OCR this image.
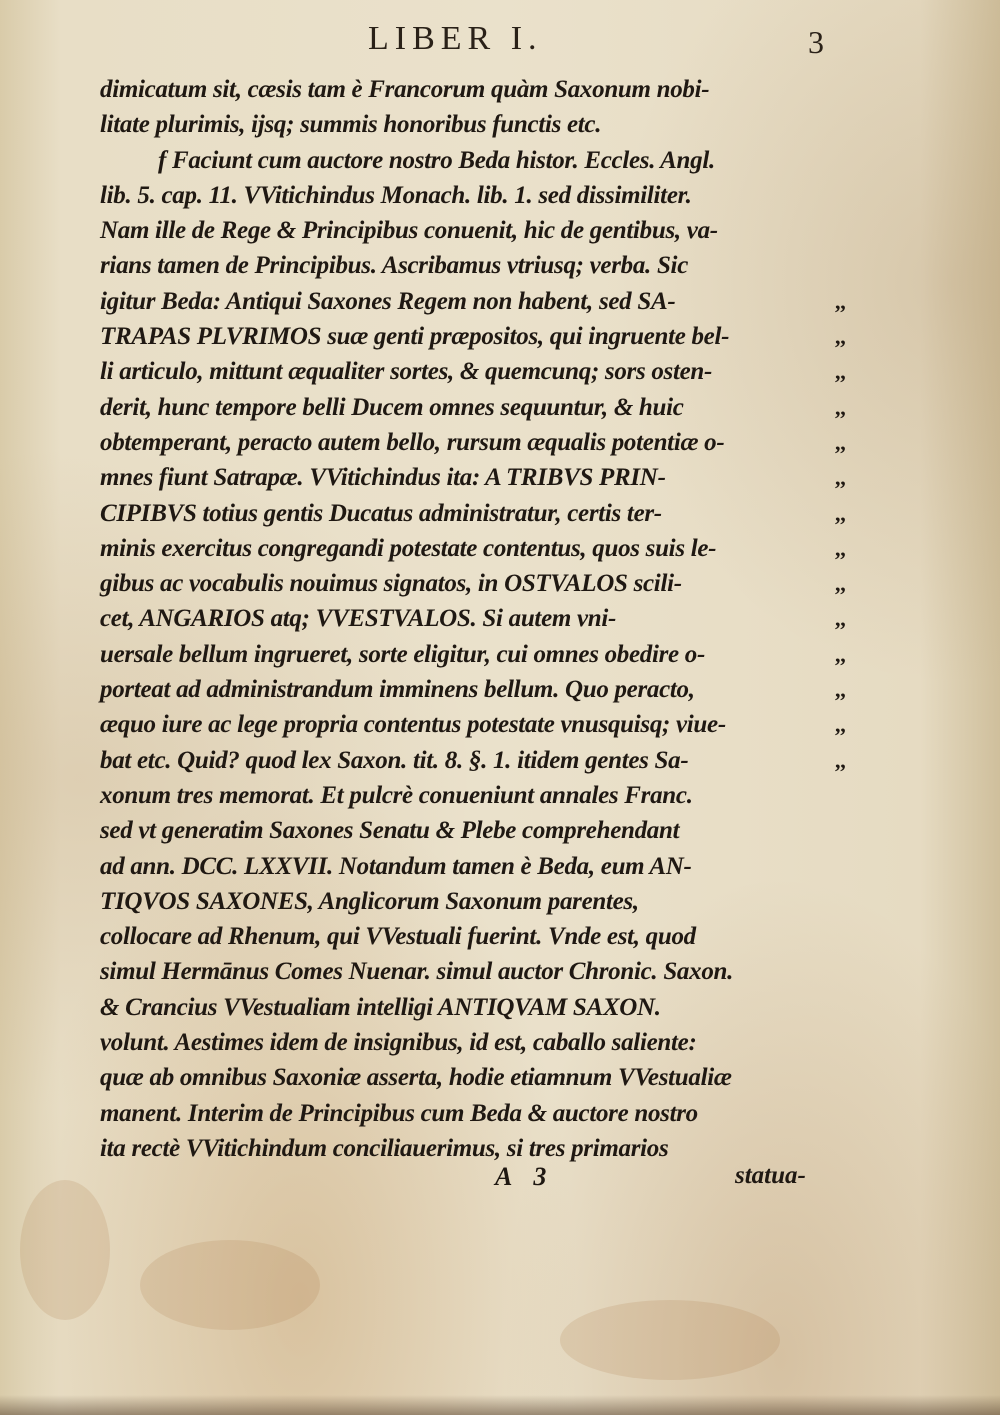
LIBER I.	3
dimicatum sit, cæsis tam è Francorum quàm Saxonum nobi-
litate plurimis, ijsq; summis honoribus functis etc.
f Faciunt cum auctore nostro Beda histor. Eccles. Angl.
lib. 5. cap. 11. VVitichindus Monach. lib. 1. sed dissimiliter.
Nam ille de Rege & Principibus conuenit, hic de gentibus, va-
rians tamen de Principibus. Ascribamus vtriusq; verba. Sic
igitur Beda: Antiqui Saxones Regem non habent, sed SA-	,,
TRAPAS PLVRIMOS suæ genti præpositos, qui ingruente bel-	,,
li articulo, mittunt æqualiter sortes, & quemcunq; sors osten-	,,
derit, hunc tempore belli Ducem omnes sequuntur, & huic	,,
obtemperant, peracto autem bello, rursum æqualis potentiæ o-	,,
mnes fiunt Satrapæ. VVitichindus ita: A TRIBVS PRIN-	,,
CIPIBVS totius gentis Ducatus administratur, certis ter-	,,
minis exercitus congregandi potestate contentus, quos suis le-	,,
gibus ac vocabulis nouimus signatos, in OSTVALOS scili-	,,
cet, ANGARIOS atq; VVESTVALOS. Si autem vni-	,,
uersale bellum ingrueret, sorte eligitur, cui omnes obedire o-	,,
porteat ad administrandum imminens bellum. Quo peracto,	,,
æquo iure ac lege propria contentus potestate vnusquisq; viue-	,,
bat etc. Quid? quod lex Saxon. tit. 8. §. 1. itidem gentes Sa-	,,
xonum tres memorat. Et pulcrè conueniunt annales Franc.
sed vt generatim Saxones Senatu & Plebe comprehendant
ad ann. DCC. LXXVII. Notandum tamen è Beda, eum AN-
TIQVOS SAXONES, Anglicorum Saxonum parentes,
collocare ad Rhenum, qui VVestuali fuerint. Vnde est, quod
simul Hermānus Comes Nuenar. simul auctor Chronic. Saxon.
& Crancius VVestualiam intelligi ANTIQVAM SAXON.
volunt. Aestimes idem de insignibus, id est, caballo saliente:
quæ ab omnibus Saxoniæ asserta, hodie etiamnum VVestualiæ
manent. Interim de Principibus cum Beda & auctore nostro
ita rectè VVitichindum conciliauerimus, si tres primarios
A 3	statua-
